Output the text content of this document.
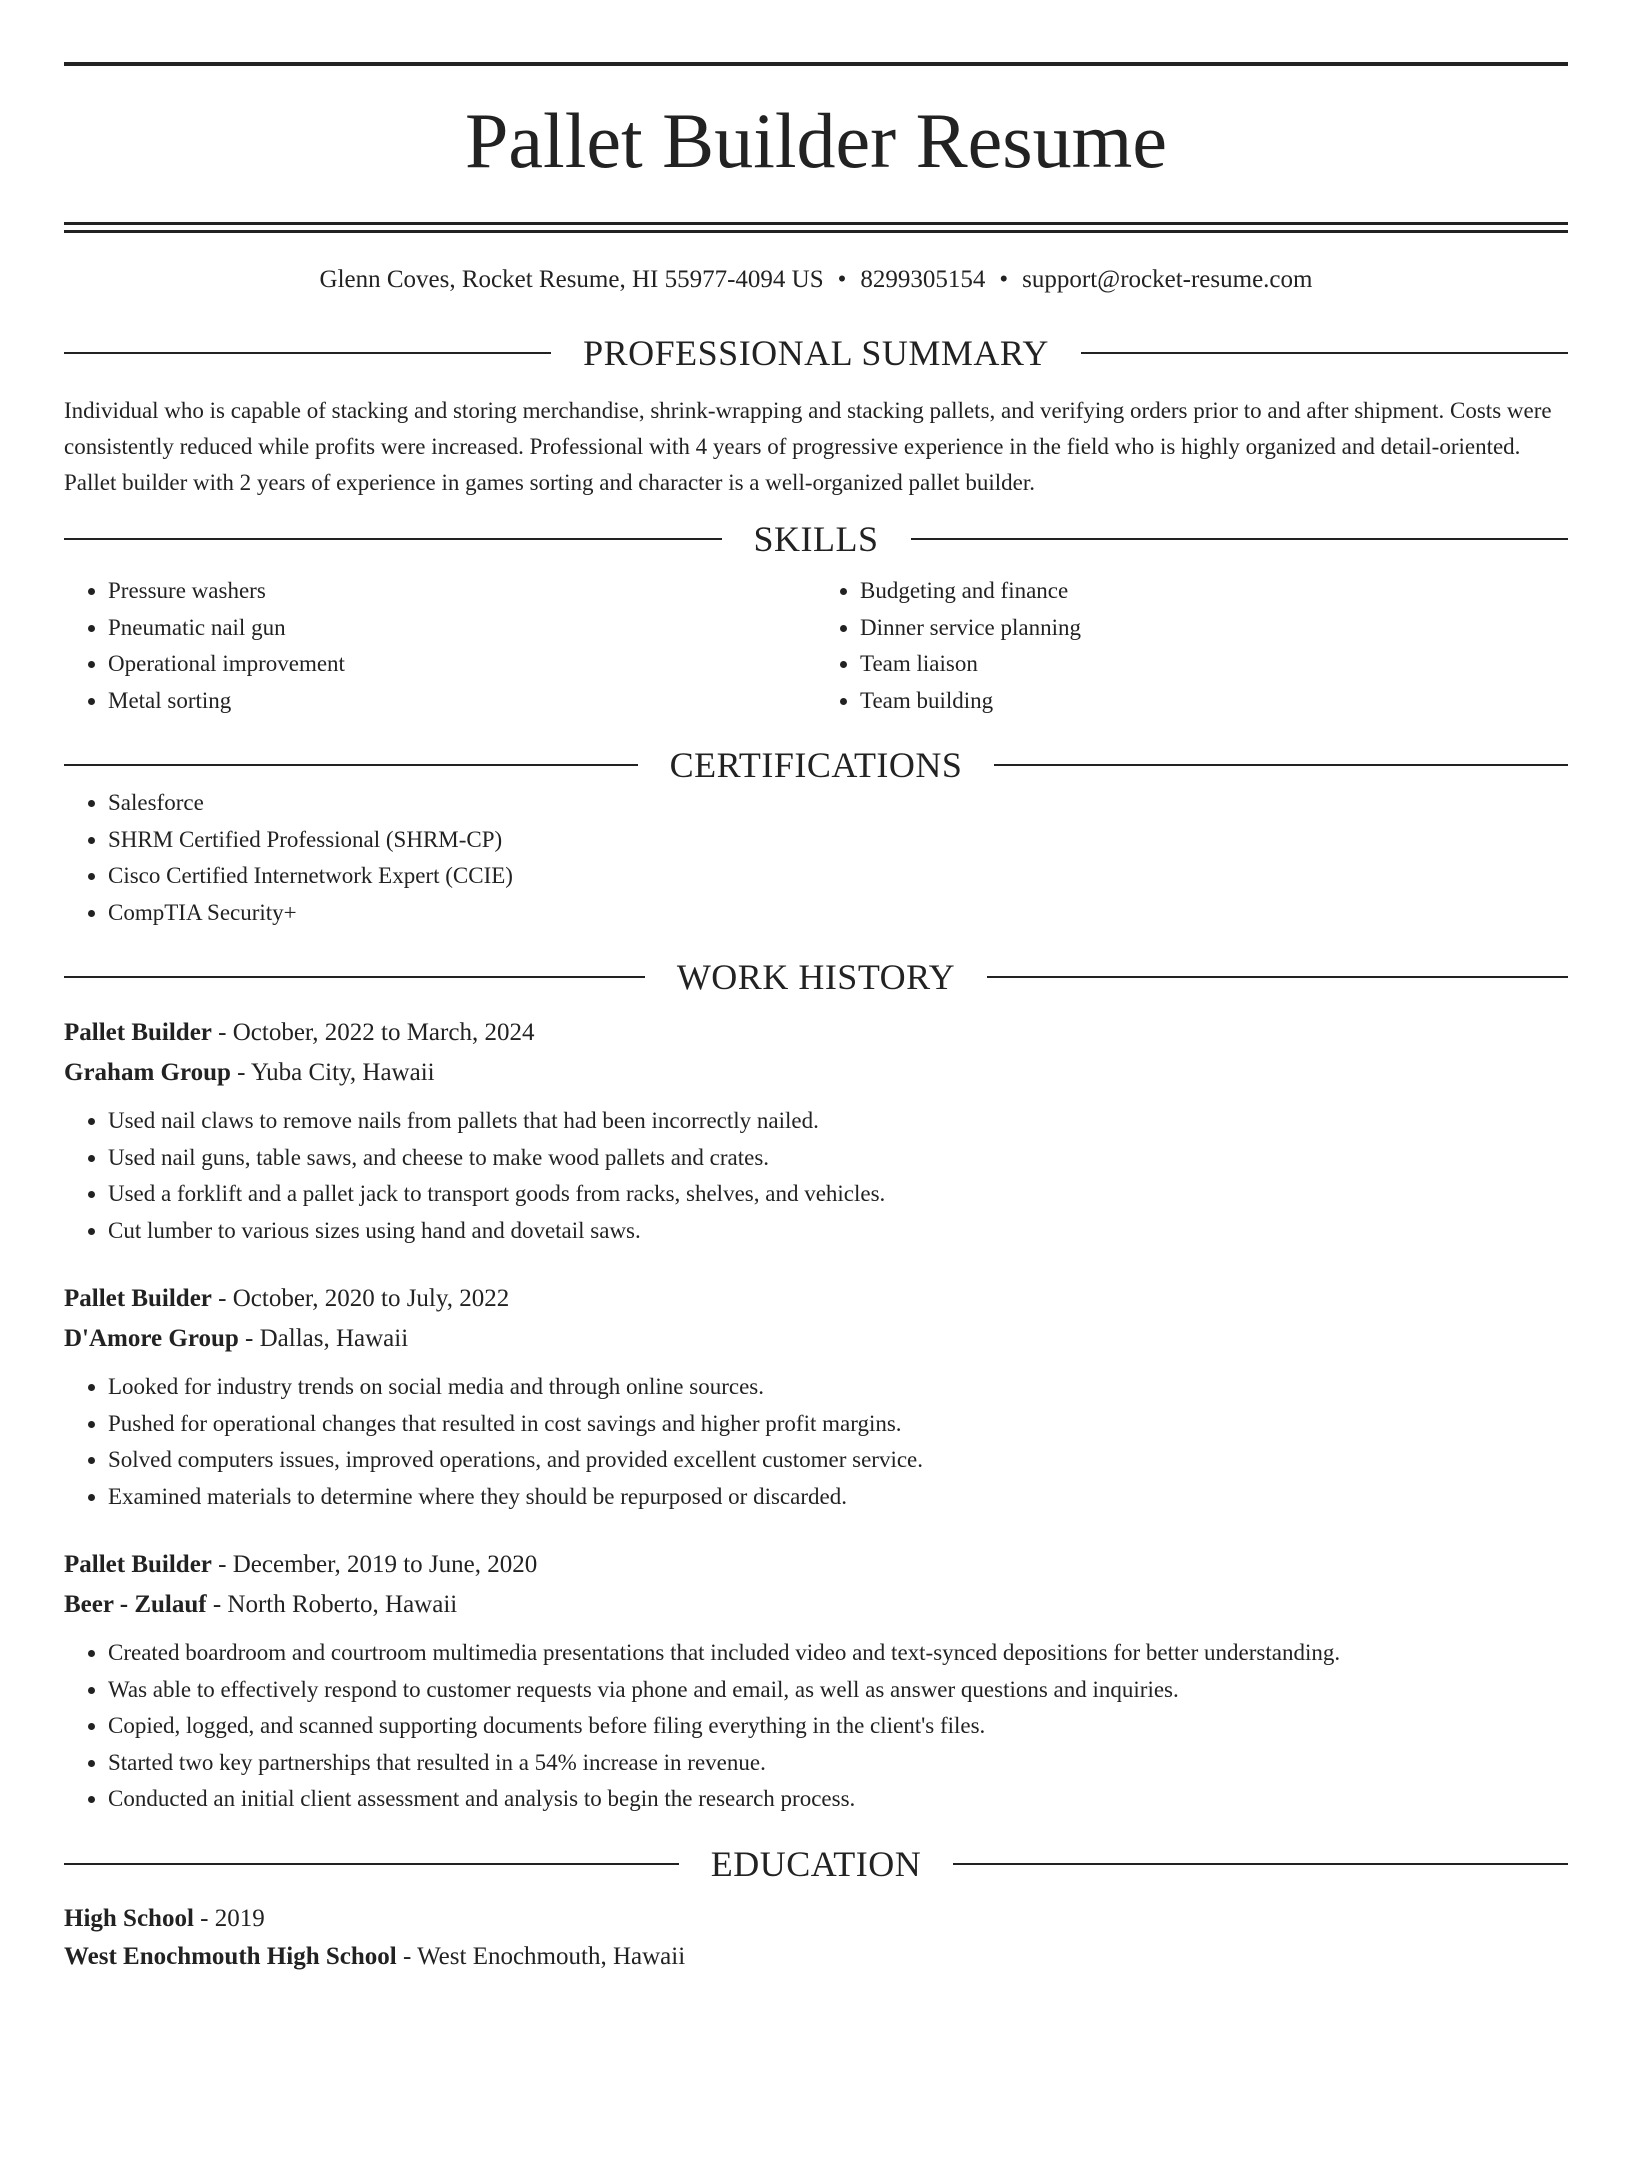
Pallet Builder Resume
Glenn Coves, Rocket Resume, HI 55977-4094 US • 8299305154 • support@rocket-resume.com
PROFESSIONAL SUMMARY
Individual who is capable of stacking and storing merchandise, shrink-wrapping and stacking pallets, and verifying orders prior to and after shipment. Costs were consistently reduced while profits were increased. Professional with 4 years of progressive experience in the field who is highly organized and detail-oriented. Pallet builder with 2 years of experience in games sorting and character is a well-organized pallet builder.
SKILLS
• Pressure washers
• Pneumatic nail gun
• Operational improvement
• Metal sorting
• Budgeting and finance
• Dinner service planning
• Team liaison
• Team building
CERTIFICATIONS
• Salesforce
• SHRM Certified Professional (SHRM-CP)
• Cisco Certified Internetwork Expert (CCIE)
• CompTIA Security+
WORK HISTORY
Pallet Builder - October, 2022 to March, 2024
Graham Group - Yuba City, Hawaii
• Used nail claws to remove nails from pallets that had been incorrectly nailed.
• Used nail guns, table saws, and cheese to make wood pallets and crates.
• Used a forklift and a pallet jack to transport goods from racks, shelves, and vehicles.
• Cut lumber to various sizes using hand and dovetail saws.
Pallet Builder - October, 2020 to July, 2022
D'Amore Group - Dallas, Hawaii
• Looked for industry trends on social media and through online sources.
• Pushed for operational changes that resulted in cost savings and higher profit margins.
• Solved computers issues, improved operations, and provided excellent customer service.
• Examined materials to determine where they should be repurposed or discarded.
Pallet Builder - December, 2019 to June, 2020
Beer - Zulauf - North Roberto, Hawaii
• Created boardroom and courtroom multimedia presentations that included video and text-synced depositions for better understanding.
• Was able to effectively respond to customer requests via phone and email, as well as answer questions and inquiries.
• Copied, logged, and scanned supporting documents before filing everything in the client's files.
• Started two key partnerships that resulted in a 54% increase in revenue.
• Conducted an initial client assessment and analysis to begin the research process.
EDUCATION
High School - 2019
West Enochmouth High School - West Enochmouth, Hawaii
